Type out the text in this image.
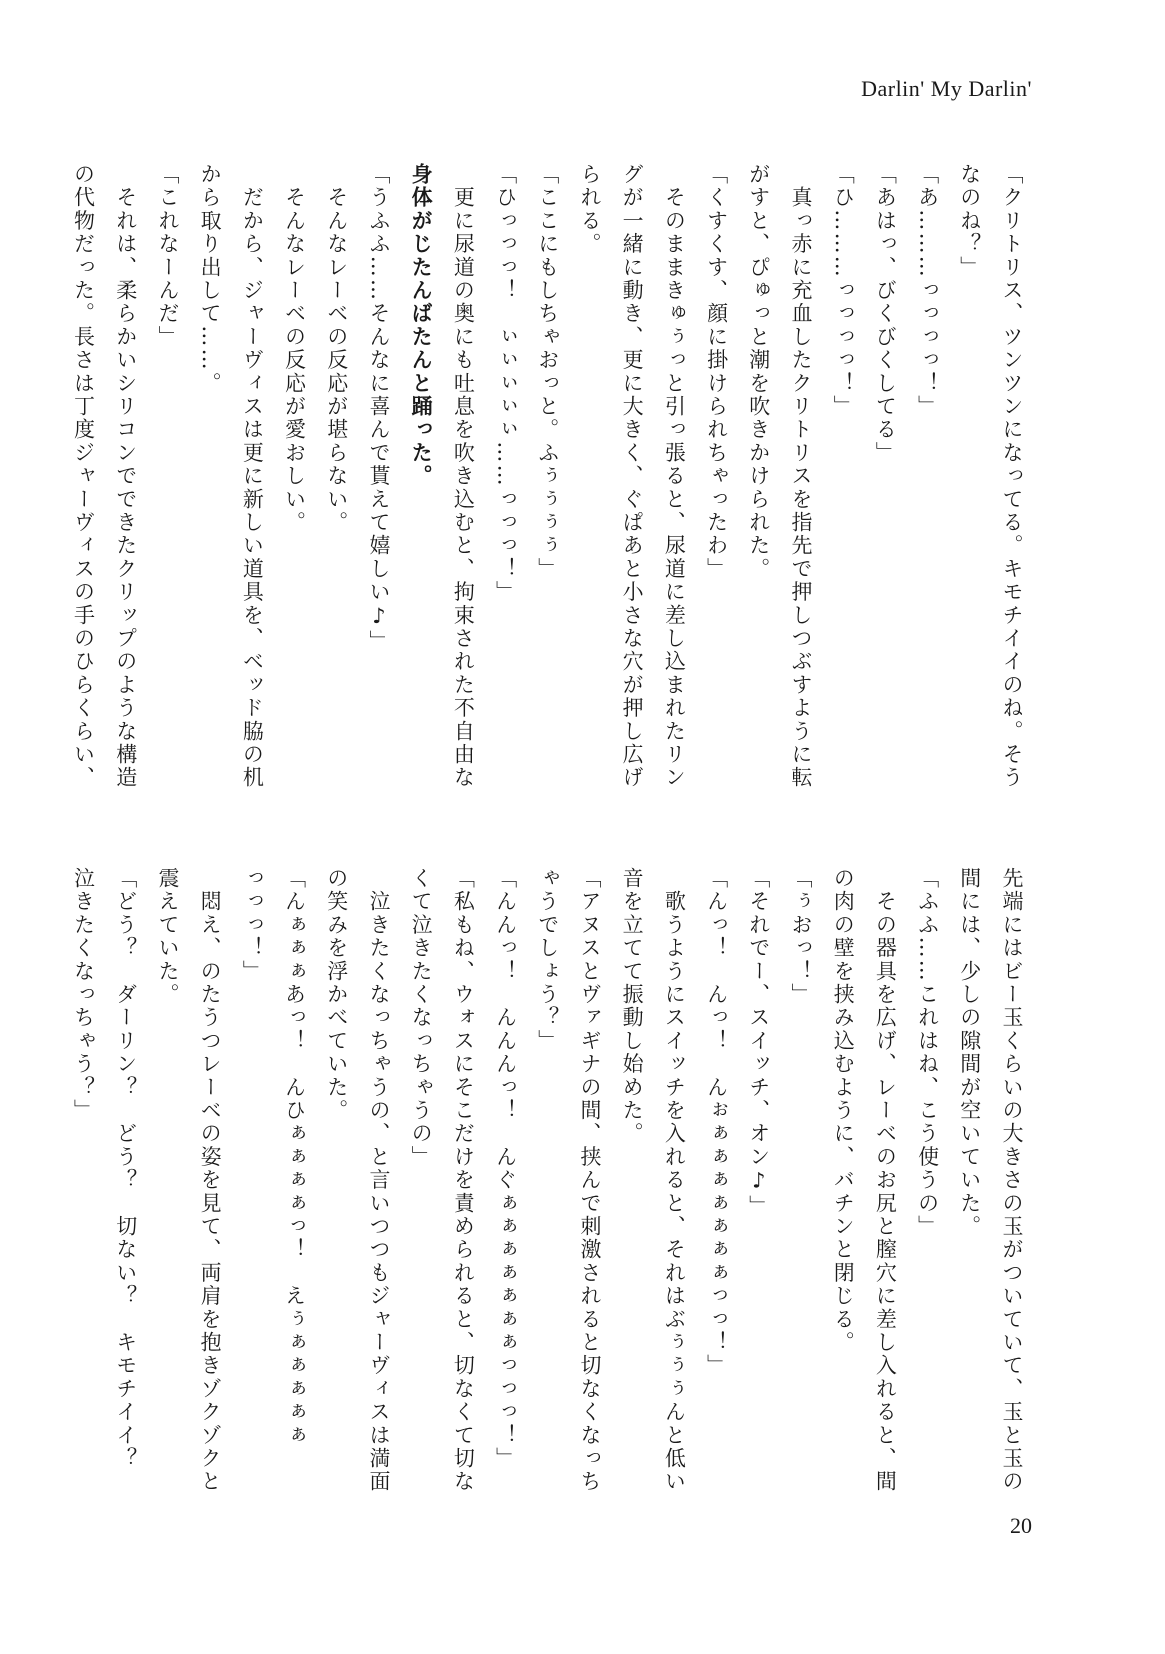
Darlin' My Darlin'
「クリトリス、ツンツンになってる。キモチイイのね。そう
なのね？」
「あ………っっっっ！」
「あはっ、びくびくしてる」
「ひ………っっっっ！」
　真っ赤に充血したクリトリスを指先で押しつぶすように転
がすと、ぴゅっと潮を吹きかけられた。
「くすくす、顔に掛けられちゃったわ」
　そのままきゅぅっと引っ張ると、尿道に差し込まれたリン
グが一緒に動き、更に大きく、ぐぱあと小さな穴が押し広げ
られる。
「ここにもしちゃおっと。ふぅぅぅぅ」
「ひっっっ！　ぃぃぃぃぃ……っっっ！」
　更に尿道の奥にも吐息を吹き込むと、拘束された不自由な
身体がじたんばたんと踊った。
「うふふ……そんなに喜んで貰えて嬉しい♪」
　そんなレーベの反応が堪らない。
　そんなレーベの反応が愛おしい。
　だから、ジャーヴィスは更に新しい道具を、ベッド脇の机
から取り出して……。
「これなーんだ」
　それは、柔らかいシリコンでできたクリップのような構造
の代物だった。長さは丁度ジャーヴィスの手のひらくらい、
先端にはビー玉くらいの大きさの玉がついていて、玉と玉の
間には、少しの隙間が空いていた。
「ふふ……これはね、こう使うの」
　その器具を広げ、レーベのお尻と膣穴に差し入れると、間
の肉の壁を挟み込むように、バチンと閉じる。
「ぅおっ！」
「それでー、スイッチ、オン♪」
「んっ！　んっ！　んぉぁぁぁぁぁぁぁっっ！」
　歌うようにスイッチを入れると、それはぶぅぅぅんと低い
音を立てて振動し始めた。
「アヌスとヴァギナの間、挟んで刺激されると切なくなっち
ゃうでしょう？」
「んんっ！　んんんっ！　んぐぁぁぁぁぁぁぁっっっ！」
「私もね、ウォスにそこだけを責められると、切なくて切な
くて泣きたくなっちゃうの」
　泣きたくなっちゃうの、と言いつつもジャーヴィスは満面
の笑みを浮かべていた。
「んぁぁぁあっ！　んひぁぁぁぁっ！　えぅぁぁぁぁぁ
っっっ！」
　悶え、のたうつレーベの姿を見て、両肩を抱きゾクゾクと
震えていた。
「どう？　ダーリン？　どう？　切ない？　キモチイイ？
泣きたくなっちゃう？」
20
